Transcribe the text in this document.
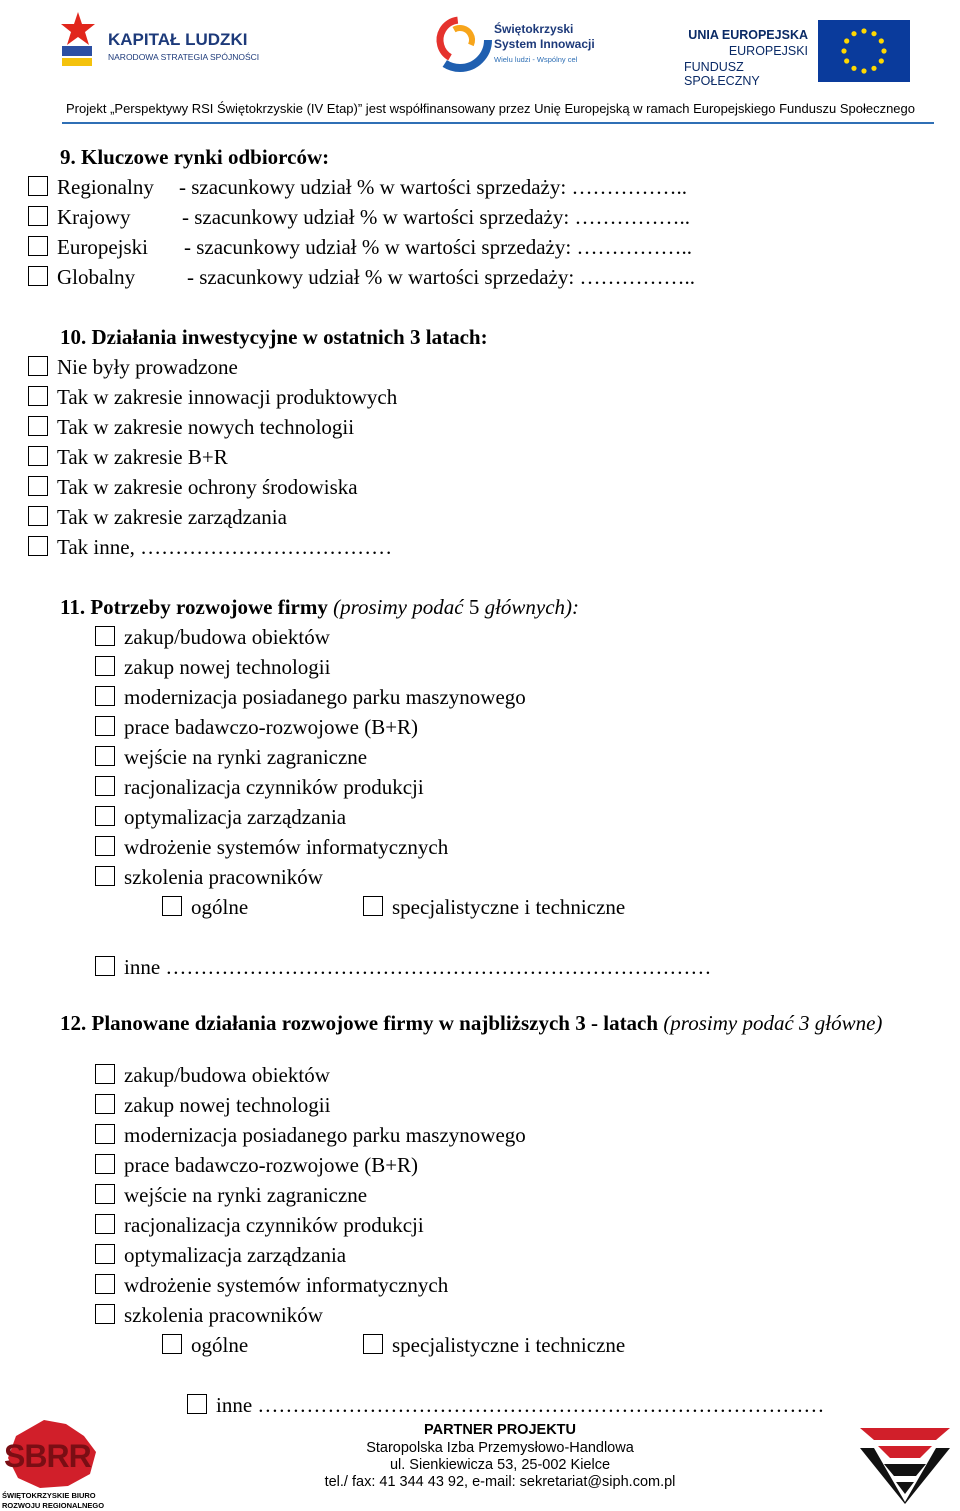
KAPITAŁ LUDZKI
NARODOWA STRATEGIA SPÓJNOŚCI
Świętokrzyski
System Innowacji
Wielu ludzi - Wspólny cel
UNIA EUROPEJSKA
EUROPEJSKI
FUNDUSZ SPOŁECZNY
Projekt „Perspektywy RSI Świętokrzyskie (IV Etap)” jest współfinansowany przez Unię Europejską w ramach Europejskiego Funduszu Społecznego
9. Kluczowe rynki odbiorców:
Regionalny - szacunkowy udział % w wartości sprzedaży: ……………..
Krajowy - szacunkowy udział % w wartości sprzedaży: ……………..
Europejski - szacunkowy udział % w wartości sprzedaży: ……………..
Globalny - szacunkowy udział % w wartości sprzedaży: ……………..
10. Działania inwestycyjne w ostatnich 3 latach:
Nie były prowadzone
Tak w zakresie innowacji produktowych
Tak w zakresie nowych technologii
Tak w zakresie B+R
Tak w zakresie ochrony środowiska
Tak w zakresie zarządzania
Tak inne, ………………………………
11. Potrzeby rozwojowe firmy (prosimy podać 5 głównych):
zakup/budowa obiektów
zakup nowej technologii
modernizacja posiadanego parku maszynowego
prace badawczo-rozwojowe (B+R)
wejście na rynki zagraniczne
racjonalizacja czynników produkcji
optymalizacja zarządzania
wdrożenie systemów informatycznych
szkolenia pracowników
ogólne	specjalistyczne i techniczne
inne ……………………………………………………………………
12. Planowane działania rozwojowe firmy w najbliższych 3 - latach (prosimy podać 3 główne)
zakup/budowa obiektów
zakup nowej technologii
modernizacja posiadanego parku maszynowego
prace badawczo-rozwojowe (B+R)
wejście na rynki zagraniczne
racjonalizacja czynników produkcji
optymalizacja zarządzania
wdrożenie systemów informatycznych
szkolenia pracowników
ogólne	specjalistyczne i techniczne
inne ………………………………………………………………………
SBRR
ŚWIĘTOKRZYSKIE BIURO
ROZWOJU REGIONALNEGO
PARTNER PROJEKTU
Staropolska Izba Przemysłowo-Handlowa
ul. Sienkiewicza 53, 25-002 Kielce
tel./ fax: 41 344 43 92, e-mail: sekretariat@siph.com.pl
